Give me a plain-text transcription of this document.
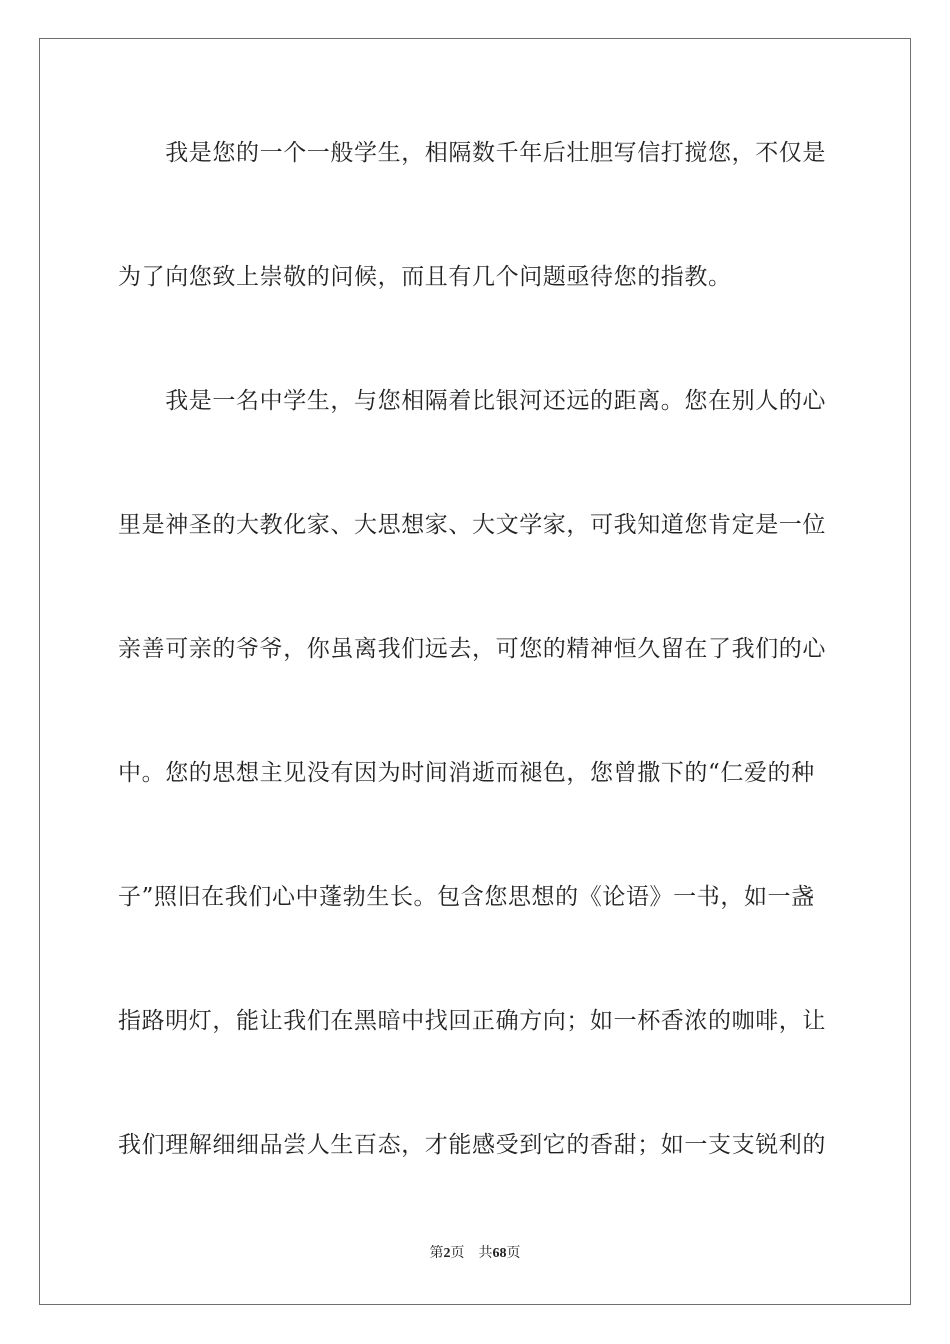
　　我是您的一个一般学生，相隔数千年后壮胆写信打搅您，不仅是
为了向您致上崇敬的问候，而且有几个问题亟待您的指教。
　　我是一名中学生，与您相隔着比银河还远的距离。您在别人的心
里是神圣的大教化家、大思想家、大文学家，可我知道您肯定是一位
亲善可亲的爷爷，你虽离我们远去，可您的精神恒久留在了我们的心
中。您的思想主见没有因为时间消逝而褪色，您曾撒下的“仁爱的种
子”照旧在我们心中蓬勃生长。包含您思想的《论语》一书，如一盏
指路明灯，能让我们在黑暗中找回正确方向；如一杯香浓的咖啡，让
我们理解细细品尝人生百态，才能感受到它的香甜；如一支支锐利的
第2页 共68页
